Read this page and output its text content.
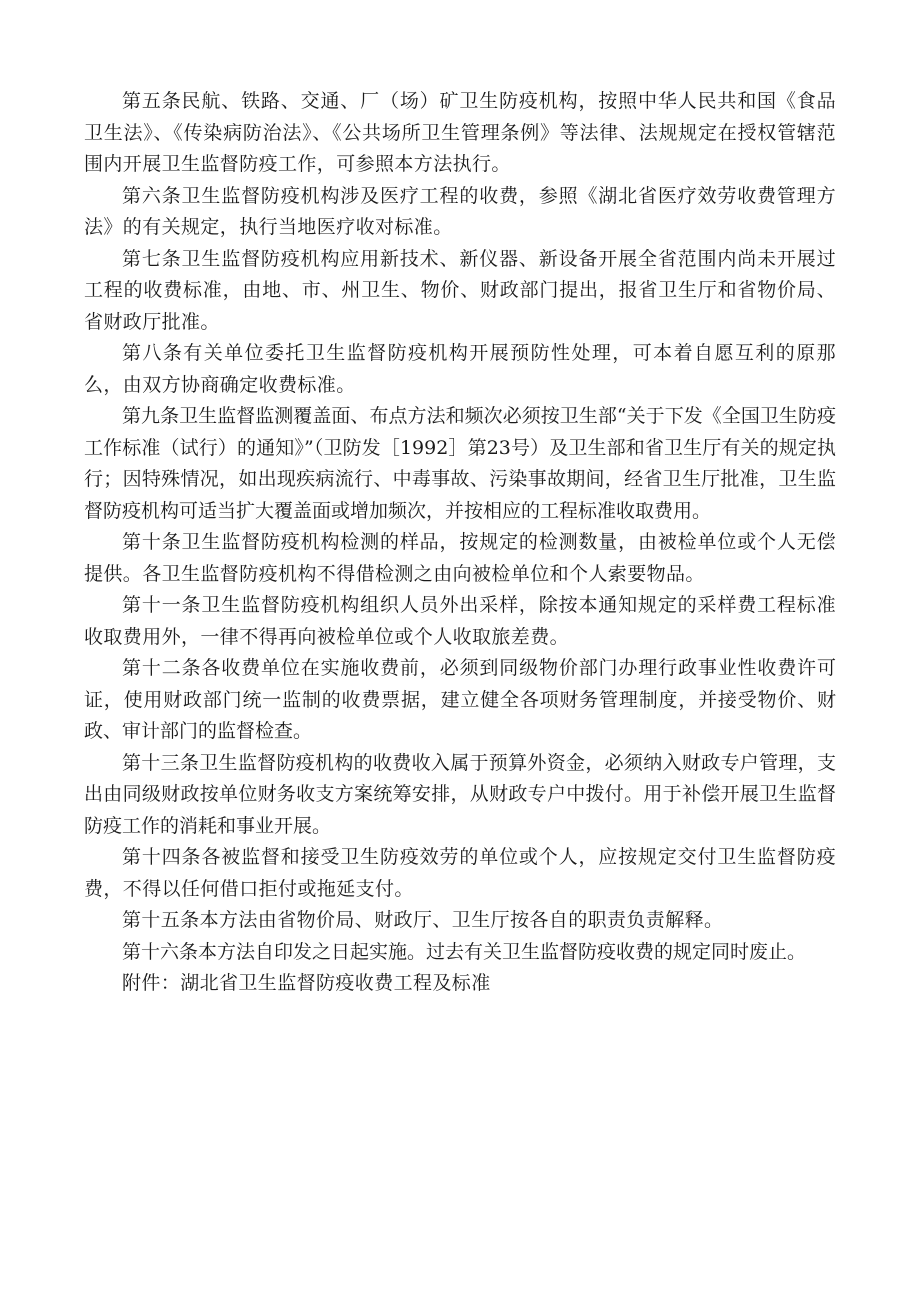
第五条民航、铁路、交通、厂（场）矿卫生防疫机构，按照中华人民共和国《食品卫生法》、《传染病防治法》、《公共场所卫生管理条例》等法律、法规规定在授权管辖范围内开展卫生监督防疫工作，可参照本方法执行。

第六条卫生监督防疫机构涉及医疗工程的收费，参照《湖北省医疗效劳收费管理方法》的有关规定，执行当地医疗收对标准。

第七条卫生监督防疫机构应用新技术、新仪器、新设备开展全省范围内尚未开展过工程的收费标准，由地、市、州卫生、物价、财政部门提出，报省卫生厅和省物价局、省财政厅批准。

第八条有关单位委托卫生监督防疫机构开展预防性处理，可本着自愿互利的原那么，由双方协商确定收费标准。

第九条卫生监督监测覆盖面、布点方法和频次必须按卫生部“关于下发《全国卫生防疫工作标准（试行）的通知》”（卫防发［1992］第23号）及卫生部和省卫生厅有关的规定执行；因特殊情况，如出现疾病流行、中毒事故、污染事故期间，经省卫生厅批准，卫生监督防疫机构可适当扩大覆盖面或增加频次，并按相应的工程标准收取费用。

第十条卫生监督防疫机构检测的样品，按规定的检测数量，由被检单位或个人无偿提供。各卫生监督防疫机构不得借检测之由向被检单位和个人索要物品。

第十一条卫生监督防疫机构组织人员外出采样，除按本通知规定的采样费工程标准收取费用外，一律不得再向被检单位或个人收取旅差费。

第十二条各收费单位在实施收费前，必须到同级物价部门办理行政事业性收费许可证，使用财政部门统一监制的收费票据，建立健全各项财务管理制度，并接受物价、财政、审计部门的监督检查。

第十三条卫生监督防疫机构的收费收入属于预算外资金，必须纳入财政专户管理，支出由同级财政按单位财务收支方案统筹安排，从财政专户中拨付。用于补偿开展卫生监督防疫工作的消耗和事业开展。

第十四条各被监督和接受卫生防疫效劳的单位或个人，应按规定交付卫生监督防疫费，不得以任何借口拒付或拖延支付。

第十五条本方法由省物价局、财政厅、卫生厅按各自的职责负责解释。

第十六条本方法自印发之日起实施。过去有关卫生监督防疫收费的规定同时废止。

附件：湖北省卫生监督防疫收费工程及标准
